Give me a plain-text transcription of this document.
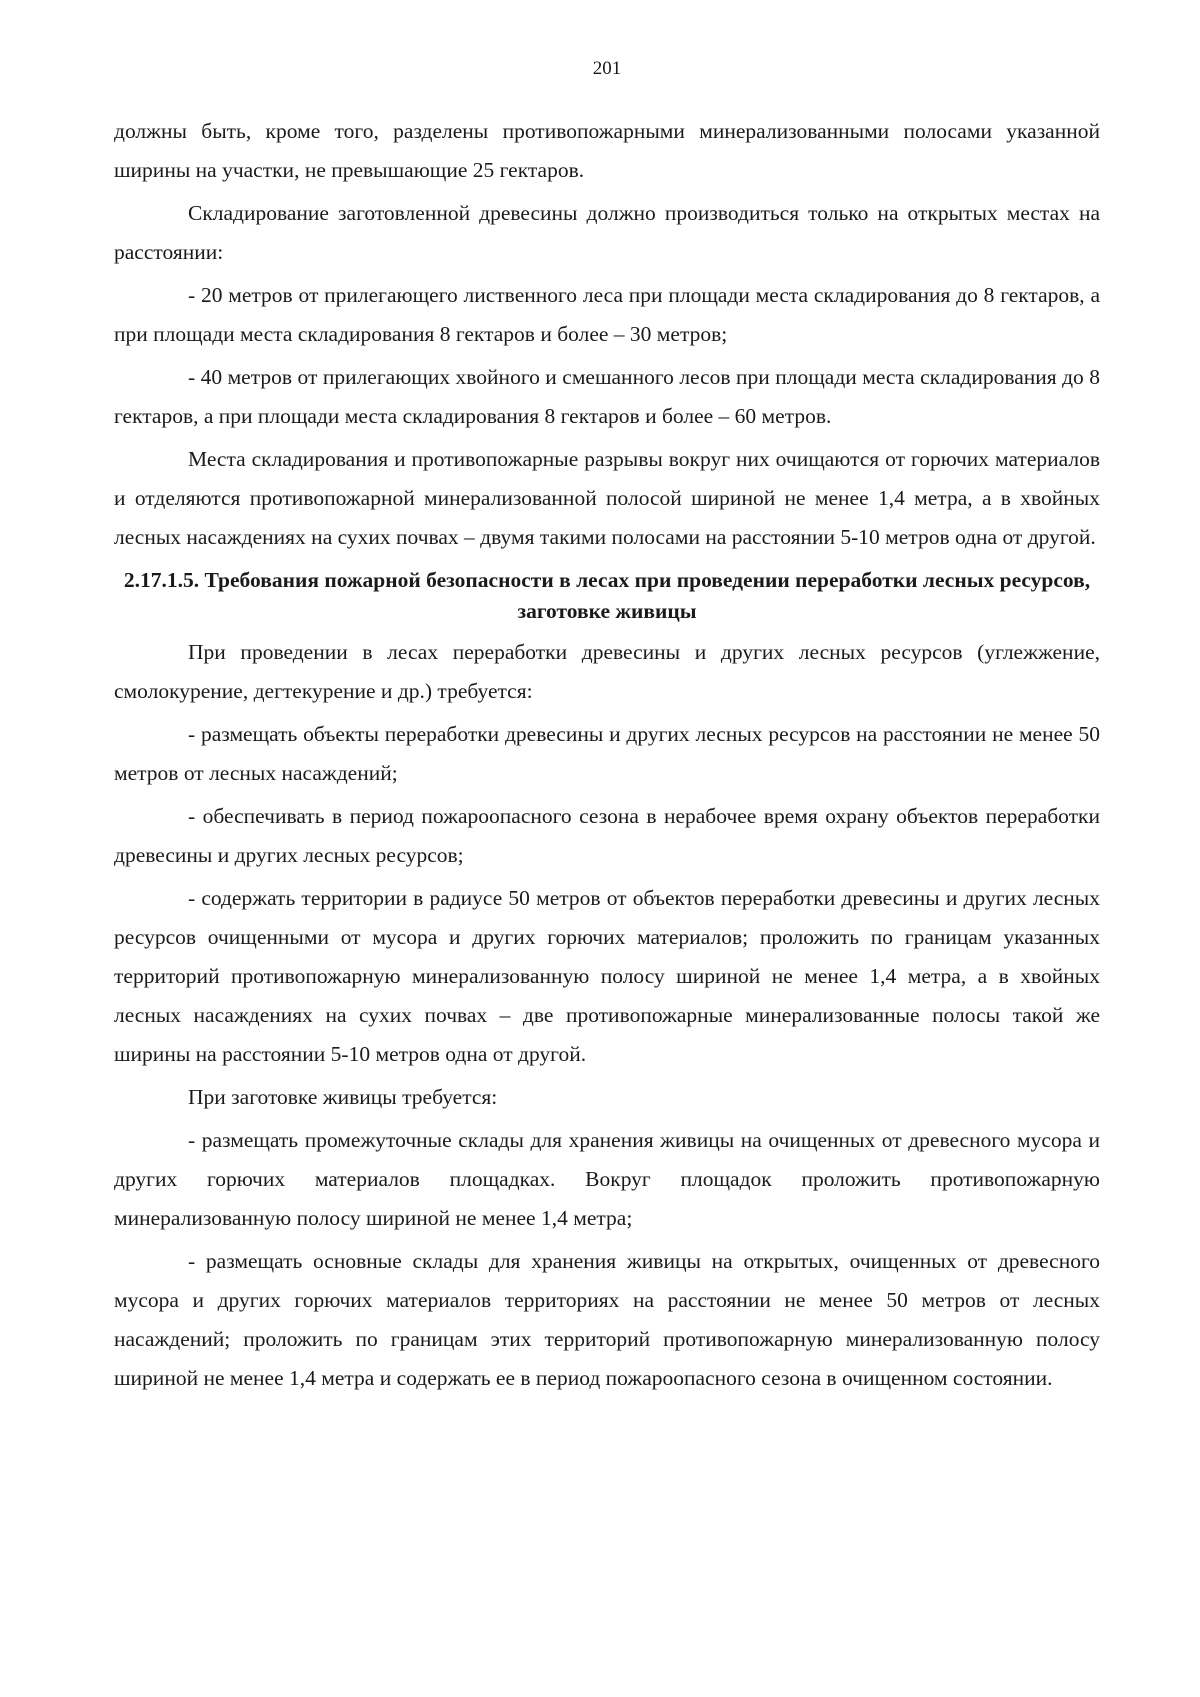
201

должны быть, кроме того, разделены противопожарными минерализованными полосами указанной ширины на участки, не превышающие 25 гектаров.

Складирование заготовленной древесины должно производиться только на открытых местах на расстоянии:

- 20 метров от прилегающего лиственного леса при площади места складирования до 8 гектаров, а при площади места складирования 8 гектаров и более – 30 метров;

- 40 метров от прилегающих хвойного и смешанного лесов при площади места складирования до 8 гектаров, а при площади места складирования 8 гектаров и более – 60 метров.

Места складирования и противопожарные разрывы вокруг них очищаются от горючих материалов и отделяются противопожарной минерализованной полосой шириной не менее 1,4 метра, а в хвойных лесных насаждениях на сухих почвах – двумя такими полосами на расстоянии 5-10 метров одна от другой.

2.17.1.5. Требования пожарной безопасности в лесах при проведении переработки лесных ресурсов, заготовке живицы

При проведении в лесах переработки древесины и других лесных ресурсов (углежжение, смолокурение, дегтекурение и др.) требуется:

- размещать объекты переработки древесины и других лесных ресурсов на расстоянии не менее 50 метров от лесных насаждений;

- обеспечивать в период пожароопасного сезона в нерабочее время охрану объектов переработки древесины и других лесных ресурсов;

- содержать территории в радиусе 50 метров от объектов переработки древесины и других лесных ресурсов очищенными от мусора и других горючих материалов; проложить по границам указанных территорий противопожарную минерализованную полосу шириной не менее 1,4 метра, а в хвойных лесных насаждениях на сухих почвах – две противопожарные минерализованные полосы такой же ширины на расстоянии 5-10 метров одна от другой.

При заготовке живицы требуется:

- размещать промежуточные склады для хранения живицы на очищенных от древесного мусора и других горючих материалов площадках. Вокруг площадок проложить противопожарную минерализованную полосу шириной не менее 1,4 метра;

- размещать основные склады для хранения живицы на открытых, очищенных от древесного мусора и других горючих материалов территориях на расстоянии не менее 50 метров от лесных насаждений; проложить по границам этих территорий противопожарную минерализованную полосу шириной не менее 1,4 метра и содержать ее в период пожароопасного сезона в очищенном состоянии.
